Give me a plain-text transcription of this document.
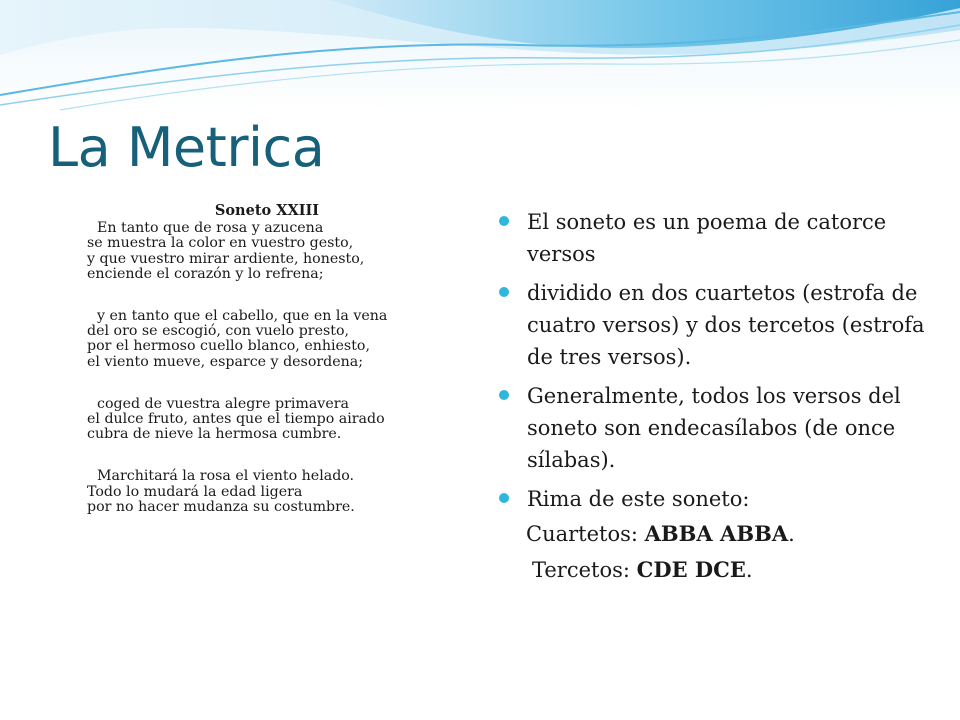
La Metrica
Soneto XXIII
En tanto que de rosa y azucena
se muestra la color en vuestro gesto,
y que vuestro mirar ardiente, honesto,
enciende el corazón y lo refrena;
y en tanto que el cabello, que en la vena
del oro se escogió, con vuelo presto,
por el hermoso cuello blanco, enhiesto,
el viento mueve, esparce y desordena;
coged de vuestra alegre primavera
el dulce fruto, antes que el tiempo airado
cubra de nieve la hermosa cumbre.
Marchitará la rosa el viento helado.
Todo lo mudará la edad ligera
por no hacer mudanza su costumbre.
El soneto es un poema de catorce versos
dividido en dos cuartetos (estrofa de cuatro versos) y dos tercetos (estrofa de tres versos).
Generalmente, todos los versos del soneto son endecasílabos (de once sílabas).
Rima de este soneto:
Cuartetos: ABBA ABBA.
Tercetos: CDE DCE.
